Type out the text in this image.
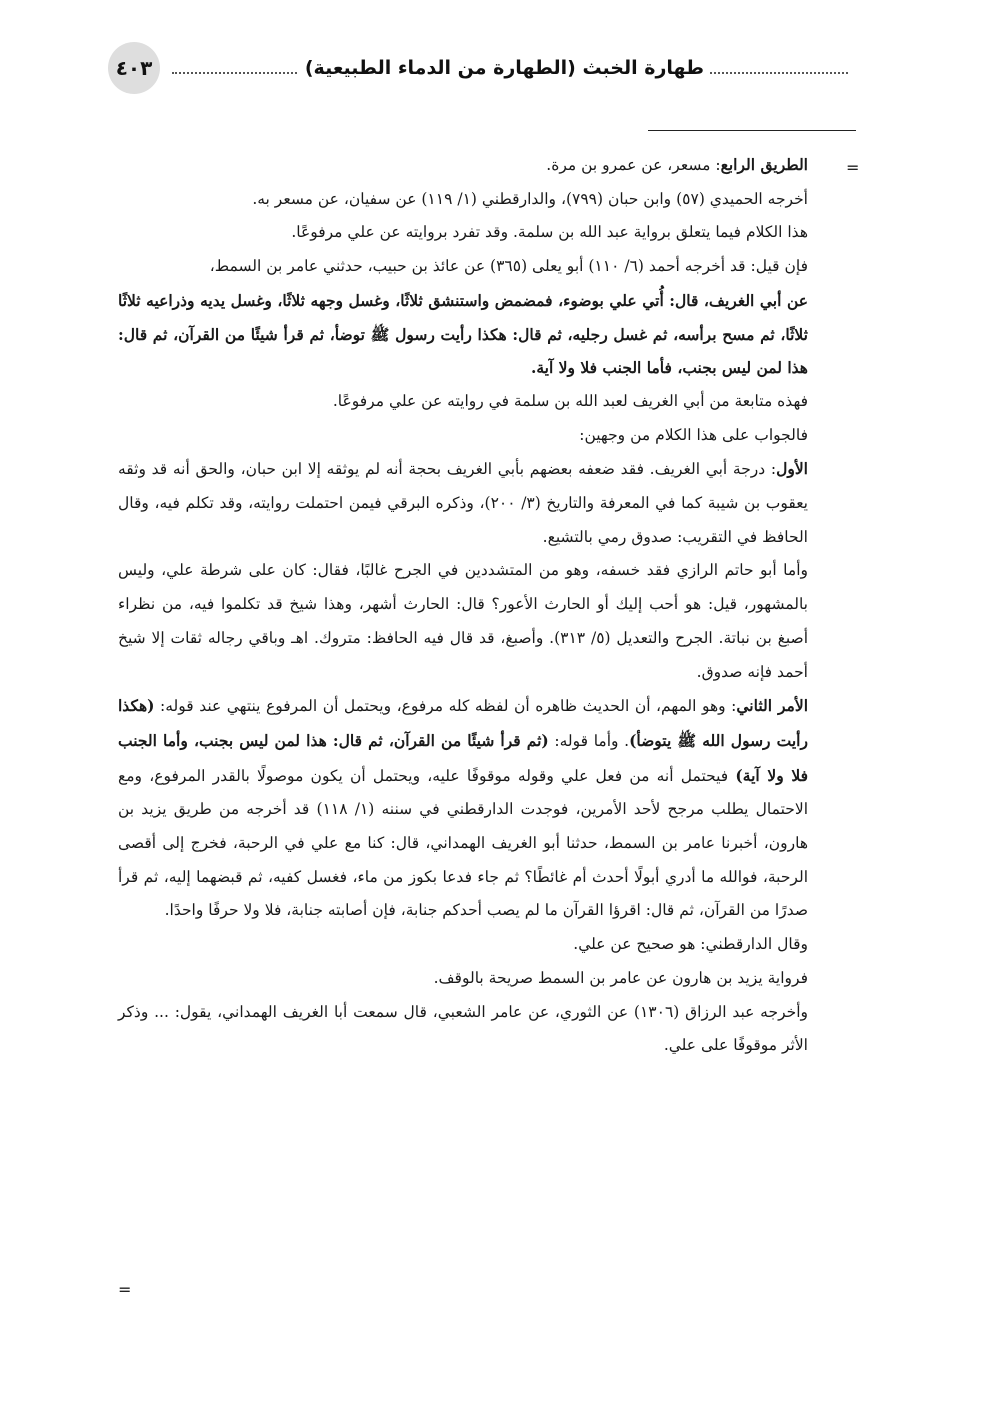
طهارة الخبث (الطهارة من الدماء الطبيعية)
٤٠٣
=

الطريق الرابع: مسعر، عن عمرو بن مرة.

أخرجه الحميدي (٥٧) وابن حبان (٧٩٩)، والدارقطني (١/ ١١٩) عن سفيان، عن مسعر به.

هذا الكلام فيما يتعلق برواية عبد الله بن سلمة. وقد تفرد بروايته عن علي مرفوعًا.

فإن قيل: قد أخرجه أحمد (٦/ ١١٠) أبو يعلى (٣٦٥) عن عائذ بن حبيب، حدثني عامر بن السمط،

عن أبي الغريف، قال: أُتي علي بوضوء، فمضمض واستنشق ثلاثًا، وغسل وجهه ثلاثًا، وغسل يديه وذراعيه ثلاثًا ثلاثًا، ثم مسح برأسه، ثم غسل رجليه، ثم قال: هكذا رأيت رسول ﷺ توضأ، ثم قرأ شيئًا من القرآن، ثم قال: هذا لمن ليس بجنب، فأما الجنب فلا ولا آية.

فهذه متابعة من أبي الغريف لعبد الله بن سلمة في روايته عن علي مرفوعًا.

فالجواب على هذا الكلام من وجهين:

الأول: درجة أبي الغريف. فقد ضعفه بعضهم بأبي الغريف بحجة أنه لم يوثقه إلا ابن حبان، والحق أنه قد وثقه يعقوب بن شيبة كما في المعرفة والتاريخ (٣/ ٢٠٠)، وذكره البرقي فيمن احتملت روايته، وقد تكلم فيه، وقال الحافظ في التقريب: صدوق رمي بالتشيع.

وأما أبو حاتم الرازي فقد خسفه، وهو من المتشددين في الجرح غالبًا، فقال: كان على شرطة علي، وليس بالمشهور، قيل: هو أحب إليك أو الحارث الأعور؟ قال: الحارث أشهر، وهذا شيخ قد تكلموا فيه، من نظراء أصبغ بن نباتة. الجرح والتعديل (٥/ ٣١٣). وأصبغ، قد قال فيه الحافظ: متروك. اهـ وباقي رجاله ثقات إلا شيخ أحمد فإنه صدوق.

الأمر الثاني: وهو المهم، أن الحديث ظاهره أن لفظه كله مرفوع، ويحتمل أن المرفوع ينتهي عند قوله: (هكذا رأيت رسول الله ﷺ يتوضأ). وأما قوله: (ثم قرأ شيئًا من القرآن، ثم قال: هذا لمن ليس بجنب، وأما الجنب فلا ولا آية) فيحتمل أنه من فعل علي وقوله موقوفًا عليه، ويحتمل أن يكون موصولًا بالقدر المرفوع، ومع الاحتمال يطلب مرجح لأحد الأمرين، فوجدت الدارقطني في سننه (١/ ١١٨) قد أخرجه من طريق يزيد بن هارون، أخبرنا عامر بن السمط، حدثنا أبو الغريف الهمداني، قال: كنا مع علي في الرحبة، فخرج إلى أقصى الرحبة، فوالله ما أدري أبولًا أحدث أم غائطًا؟ ثم جاء فدعا بكوز من ماء، فغسل كفيه، ثم قبضهما إليه، ثم قرأ صدرًا من القرآن، ثم قال: اقرؤا القرآن ما لم يصب أحدكم جنابة، فإن أصابته جنابة، فلا ولا حرفًا واحدًا.

وقال الدارقطني: هو صحيح عن علي.

فرواية يزيد بن هارون عن عامر بن السمط صريحة بالوقف.

وأخرجه عبد الرزاق (١٣٠٦) عن الثوري، عن عامر الشعبي، قال سمعت أبا الغريف الهمداني، يقول: ... وذكر الأثر موقوفًا على علي.

=
